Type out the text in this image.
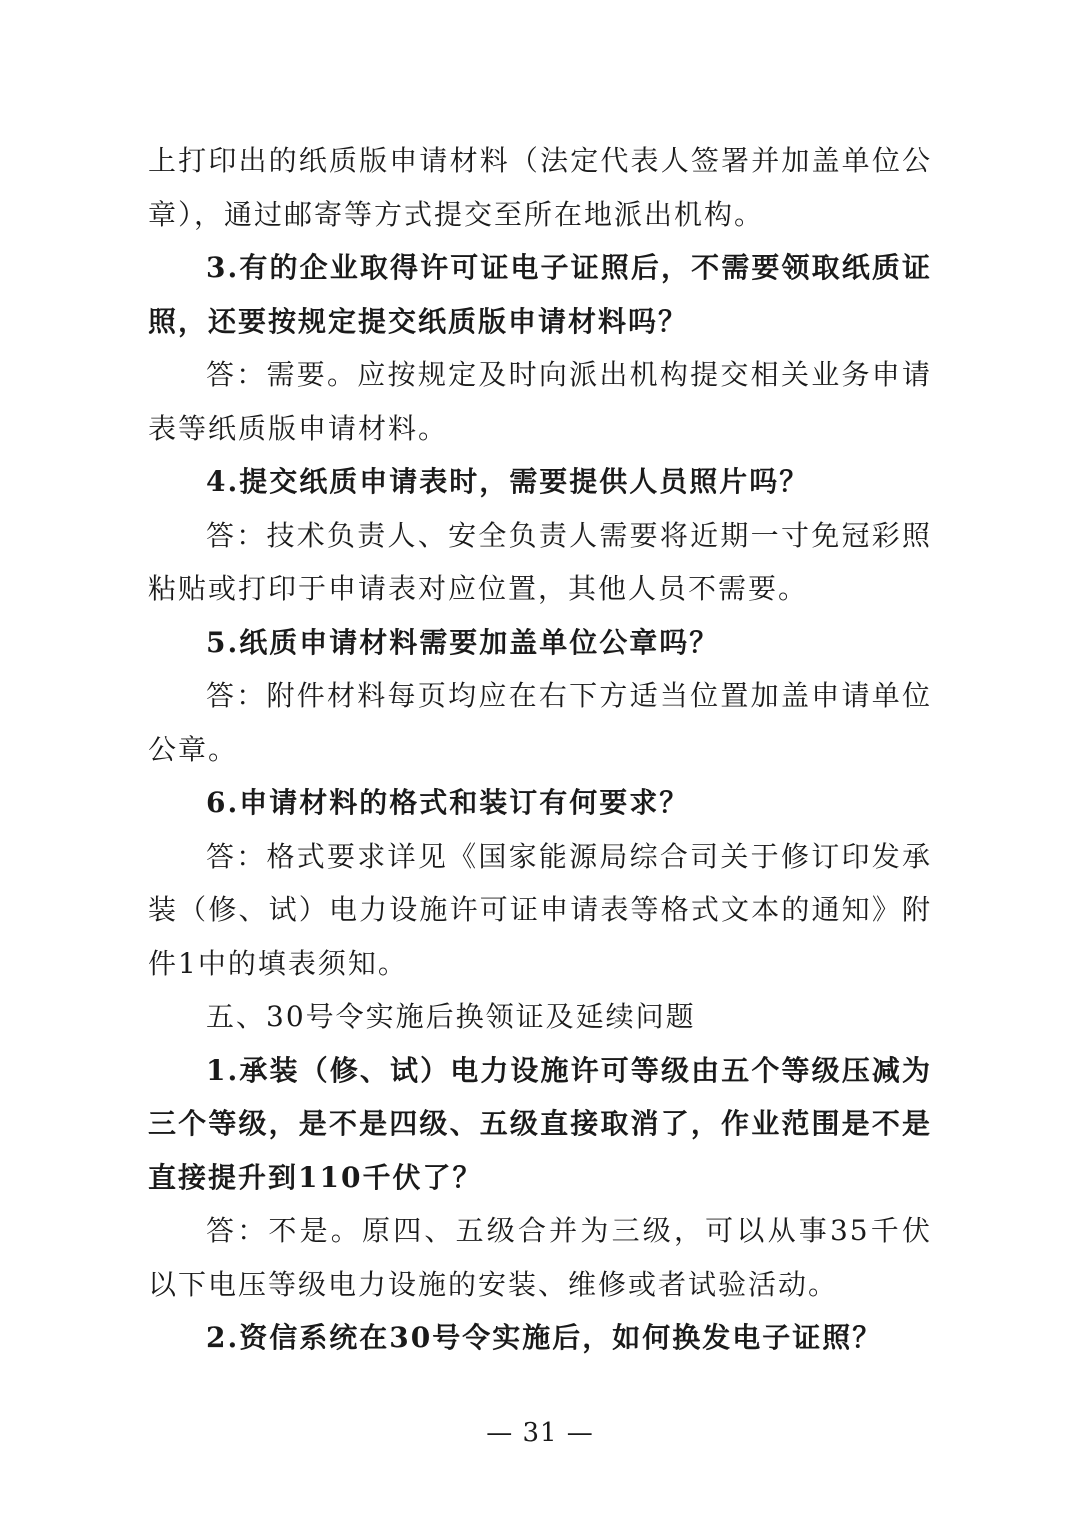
上打印出的纸质版申请材料（法定代表人签署并加盖单位公章），通过邮寄等方式提交至所在地派出机构。

3.有的企业取得许可证电子证照后，不需要领取纸质证照，还要按规定提交纸质版申请材料吗？

答：需要。应按规定及时向派出机构提交相关业务申请表等纸质版申请材料。

4.提交纸质申请表时，需要提供人员照片吗？

答：技术负责人、安全负责人需要将近期一寸免冠彩照粘贴或打印于申请表对应位置，其他人员不需要。

5.纸质申请材料需要加盖单位公章吗？

答：附件材料每页均应在右下方适当位置加盖申请单位公章。

6.申请材料的格式和装订有何要求？

答：格式要求详见《国家能源局综合司关于修订印发承装（修、试）电力设施许可证申请表等格式文本的通知》附件1中的填表须知。

五、30号令实施后换领证及延续问题

1.承装（修、试）电力设施许可等级由五个等级压减为三个等级，是不是四级、五级直接取消了，作业范围是不是直接提升到110千伏了？

答：不是。原四、五级合并为三级，可以从事35千伏以下电压等级电力设施的安装、维修或者试验活动。

2.资信系统在30号令实施后，如何换发电子证照？

— 31 —
